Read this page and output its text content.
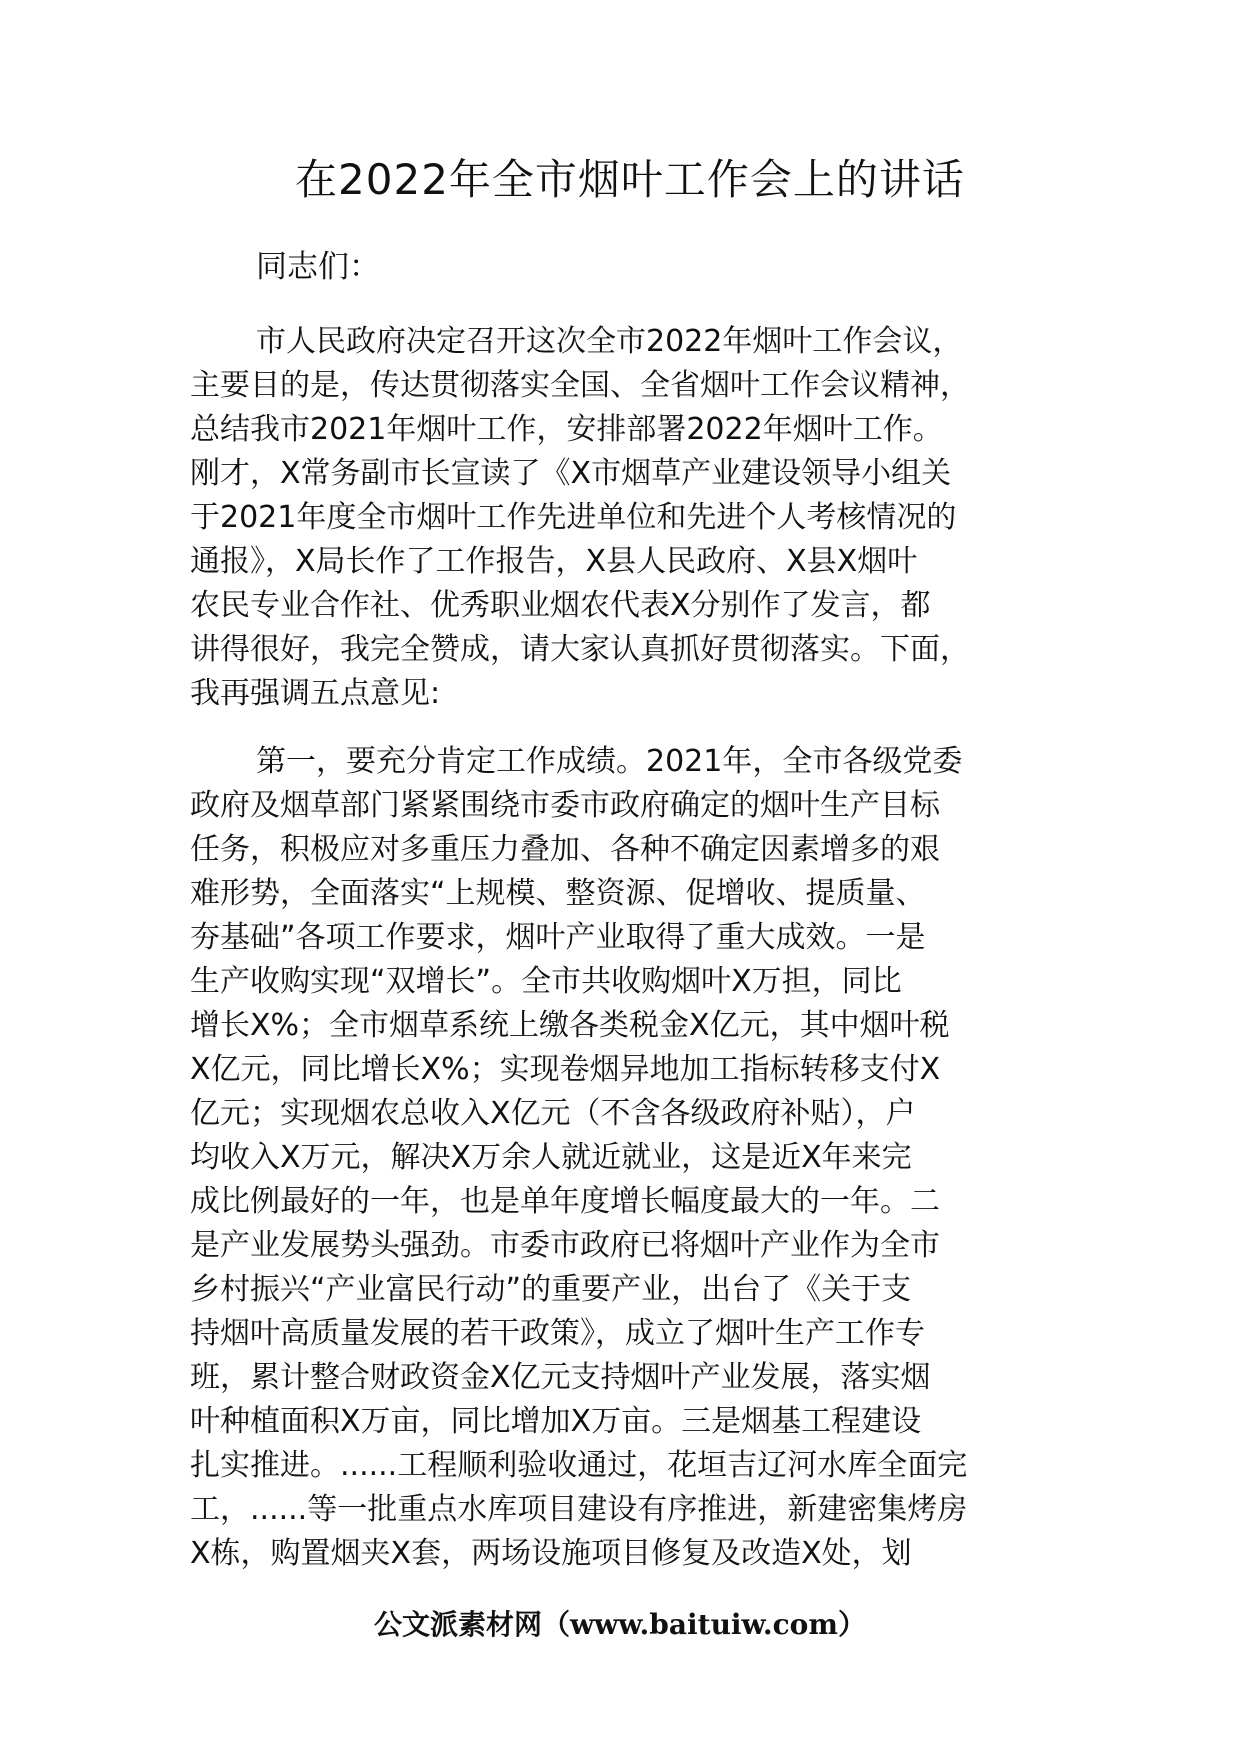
在2022年全市烟叶工作会上的讲话

同志们：

市人民政府决定召开这次全市2022年烟叶工作会议，
主要目的是，传达贯彻落实全国、全省烟叶工作会议精神，
总结我市2021年烟叶工作，安排部署2022年烟叶工作。
刚才，X常务副市长宣读了《X市烟草产业建设领导小组关
于2021年度全市烟叶工作先进单位和先进个人考核情况的
通报》，X局长作了工作报告，X县人民政府、X县X烟叶
农民专业合作社、优秀职业烟农代表X分别作了发言，都
讲得很好，我完全赞成，请大家认真抓好贯彻落实。下面，
我再强调五点意见:
第一，要充分肯定工作成绩。2021年，全市各级党委
政府及烟草部门紧紧围绕市委市政府确定的烟叶生产目标
任务，积极应对多重压力叠加、各种不确定因素增多的艰
难形势，全面落实“上规模、整资源、促增收、提质量、
夯基础”各项工作要求，烟叶产业取得了重大成效。一是
生产收购实现“双增长”。全市共收购烟叶X万担，同比
增长X%；全市烟草系统上缴各类税金X亿元，其中烟叶税
X亿元，同比增长X%；实现卷烟异地加工指标转移支付X
亿元；实现烟农总收入X亿元（不含各级政府补贴），户
均收入X万元，解决X万余人就近就业，这是近X年来完
成比例最好的一年，也是单年度增长幅度最大的一年。二
是产业发展势头强劲。市委市政府已将烟叶产业作为全市
乡村振兴“产业富民行动”的重要产业，出台了《关于支
持烟叶高质量发展的若干政策》，成立了烟叶生产工作专
班，累计整合财政资金X亿元支持烟叶产业发展，落实烟
叶种植面积X万亩，同比增加X万亩。三是烟基工程建设
扎实推进。......工程顺利验收通过，花垣吉辽河水库全面完
工，......等一批重点水库项目建设有序推进，新建密集烤房
X栋，购置烟夹X套，两场设施项目修复及改造X处，划

公文派素材网（www.baituiw.com）
